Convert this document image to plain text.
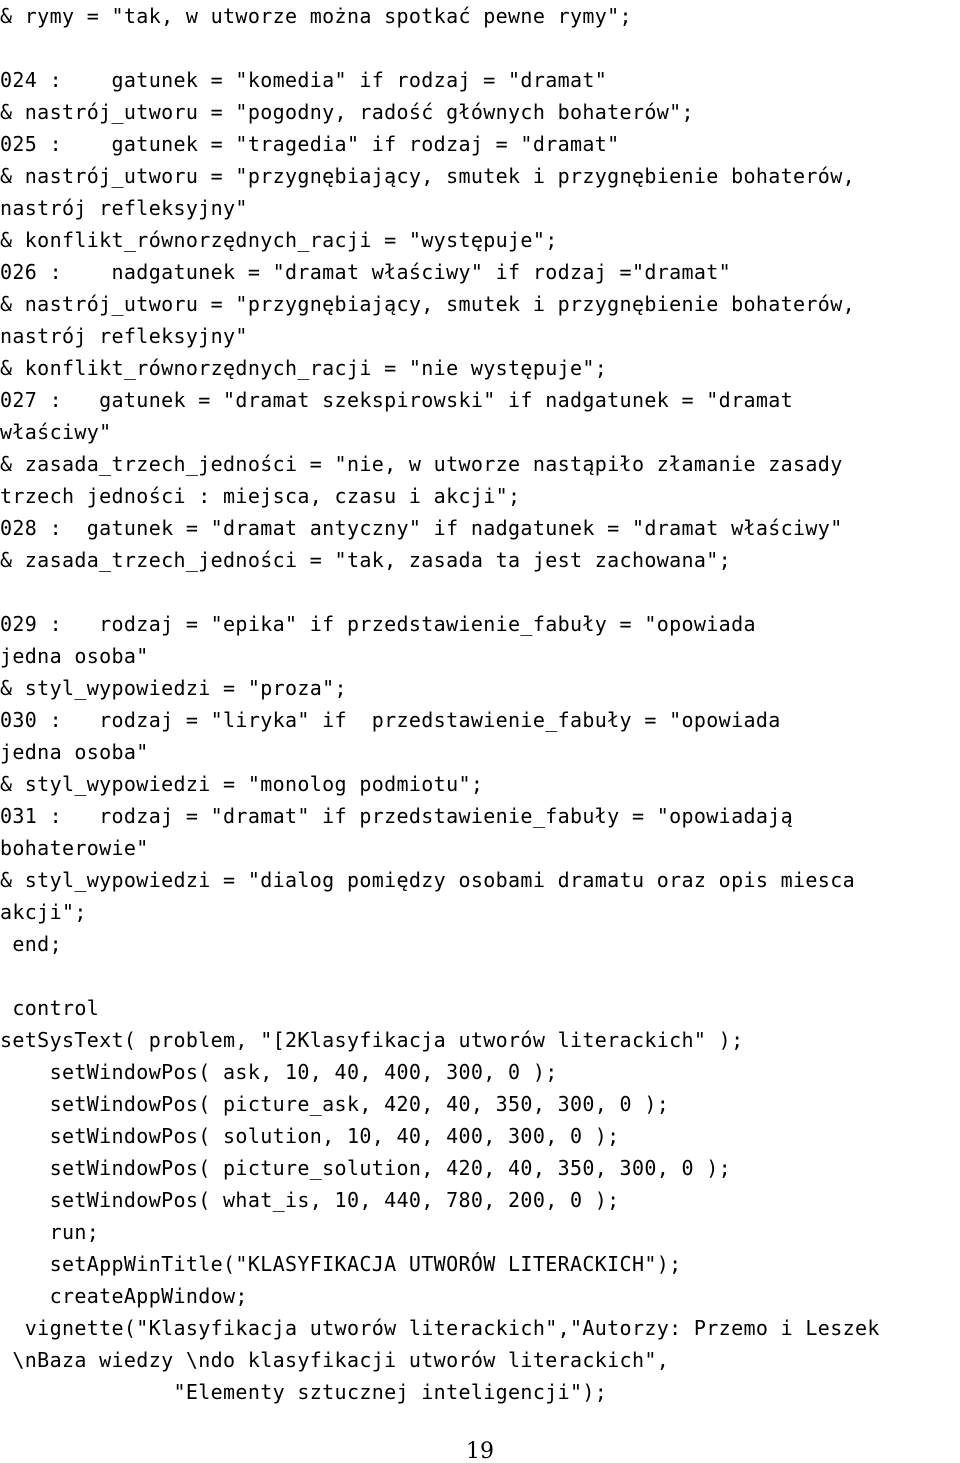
& rymy = "tak, w utworze można spotkać pewne rymy";
024 :    gatunek = "komedia" if rodzaj = "dramat"
& nastrój_utworu = "pogodny, radość głównych bohaterów";
025 :    gatunek = "tragedia" if rodzaj = "dramat"
& nastrój_utworu = "przygnębiający, smutek i przygnębienie bohaterów,
nastrój refleksyjny"
& konflikt_równorzędnych_racji = "występuje";
026 :    nadgatunek = "dramat właściwy" if rodzaj ="dramat"
& nastrój_utworu = "przygnębiający, smutek i przygnębienie bohaterów,
nastrój refleksyjny"
& konflikt_równorzędnych_racji = "nie występuje";
027 :   gatunek = "dramat szekspirowski" if nadgatunek = "dramat
właściwy"
& zasada_trzech_jedności = "nie, w utworze nastąpiło złamanie zasady
trzech jedności : miejsca, czasu i akcji";
028 :  gatunek = "dramat antyczny" if nadgatunek = "dramat właściwy"
& zasada_trzech_jedności = "tak, zasada ta jest zachowana";
029 :   rodzaj = "epika" if przedstawienie_fabuły = "opowiada
jedna osoba"
& styl_wypowiedzi = "proza";
030 :   rodzaj = "liryka" if  przedstawienie_fabuły = "opowiada
jedna osoba"
& styl_wypowiedzi = "monolog podmiotu";
031 :   rodzaj = "dramat" if przedstawienie_fabuły = "opowiadają
bohaterowie"
& styl_wypowiedzi = "dialog pomiędzy osobami dramatu oraz opis miesca
akcji";
end;
control
setSysText( problem, "[2Klasyfikacja utworów literackich" );
setWindowPos( ask, 10, 40, 400, 300, 0 );
setWindowPos( picture_ask, 420, 40, 350, 300, 0 );
setWindowPos( solution, 10, 40, 400, 300, 0 );
setWindowPos( picture_solution, 420, 40, 350, 300, 0 );
setWindowPos( what_is, 10, 440, 780, 200, 0 );
run;
setAppWinTitle("KLASYFIKACJA UTWORÓW LITERACKICH");
createAppWindow;
vignette("Klasyfikacja utworów literackich","Autorzy: Przemo i Leszek
\nBaza wiedzy \ndo klasyfikacji utworów literackich",
"Elementy sztucznej inteligencji");
19
